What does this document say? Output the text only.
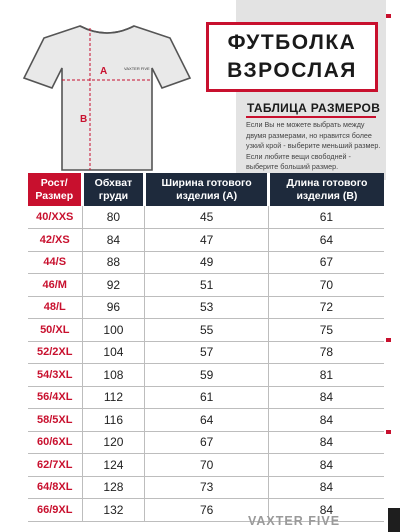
A
B
VAXTER FIVE
ФУТБОЛКА
ВЗРОСЛАЯ
ТАБЛИЦА РАЗМЕРОВ
Если Вы не можете выбрать между двумя размерами, но нравится более узкий крой - выберите меньший размер. Если любите вещи свободней - выберите больший размер.
Рост/ Размер	Обхват груди	Ширина готового изделия (A)	Длина готового изделия (B)
40/XXS	80	45	61
42/XS	84	47	64
44/S	88	49	67
46/M	92	51	70
48/L	96	53	72
50/XL	100	55	75
52/2XL	104	57	78
54/3XL	108	59	81
56/4XL	112	61	84
58/5XL	116	64	84
60/6XL	120	67	84
62/7XL	124	70	84
64/8XL	128	73	84
66/9XL	132	76	84
VAXTER FIVE
